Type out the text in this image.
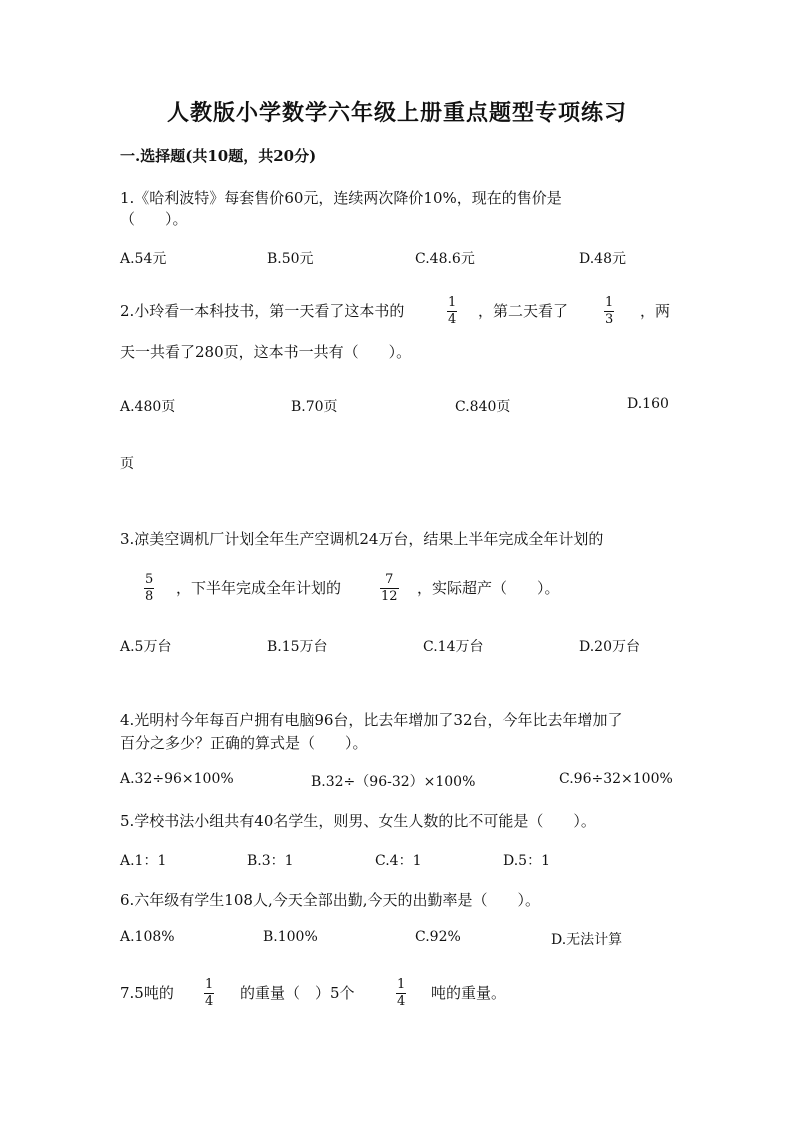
人教版小学数学六年级上册重点题型专项练习
一.选择题(共10题，共20分)
1.《哈利波特》每套售价60元，连续两次降价10%，现在的售价是
（　　）。
A.54元	B.50元	C.48.6元	D.48元
2.小玲看一本科技书，第一天看了这本书的	1
4 ，第二天看了	1
3 ，两
天一共看了280页，这本书一共有（　　）。
A.480页	B.70页	C.840页	D.160
页
3.凉美空调机厂计划全年生产空调机24万台，结果上半年完成全年计划的
5
8 ，下半年完成全年计划的	7
12 ，实际超产（　　）。
A.5万台	B.15万台	C.14万台	D.20万台
4.光明村今年每百户拥有电脑96台，比去年增加了32台，今年比去年增加了
百分之多少？正确的算式是（　　）。
A.32÷96×100%	B.32÷（96-32）×100%	C.96÷32×100%
5.学校书法小组共有40名学生，则男、女生人数的比不可能是（　　）。
A.1：1	B.3：1	C.4：1	D.5：1
6.六年级有学生108人,今天全部出勤,今天的出勤率是（　　）。
A.108%	B.100%	C.92%	D.无法计算
7.5吨的 1
4 的重量（　）5个	1
4 吨的重量。
